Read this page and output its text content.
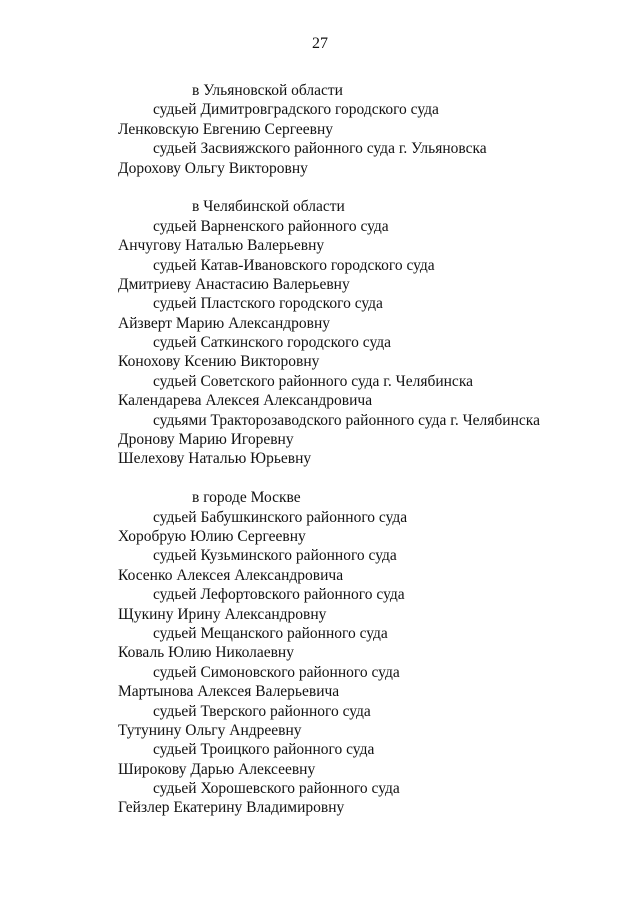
27
в Ульяновской области
судьей Димитровградского городского суда
Ленковскую Евгению Сергеевну
судьей Засвияжского районного суда г. Ульяновска
Дорохову Ольгу Викторовну
в Челябинской области
судьей Варненского районного суда
Анчугову Наталью Валерьевну
судьей Катав-Ивановского городского суда
Дмитриеву Анастасию Валерьевну
судьей Пластского городского суда
Айзверт Марию Александровну
судьей Саткинского городского суда
Конохову Ксению Викторовну
судьей Советского районного суда г. Челябинска
Календарева Алексея Александровича
судьями Тракторозаводского районного суда г. Челябинска
Дронову Марию Игоревну
Шелехову Наталью Юрьевну
в городе Москве
судьей Бабушкинского районного суда
Хоробрую Юлию Сергеевну
судьей Кузьминского районного суда
Косенко Алексея Александровича
судьей Лефортовского районного суда
Щукину Ирину Александровну
судьей Мещанского районного суда
Коваль Юлию Николаевну
судьей Симоновского районного суда
Мартынова Алексея Валерьевича
судьей Тверского районного суда
Тутунину Ольгу Андреевну
судьей Троицкого районного суда
Широкову Дарью Алексеевну
судьей Хорошевского районного суда
Гейзлер Екатерину Владимировну
